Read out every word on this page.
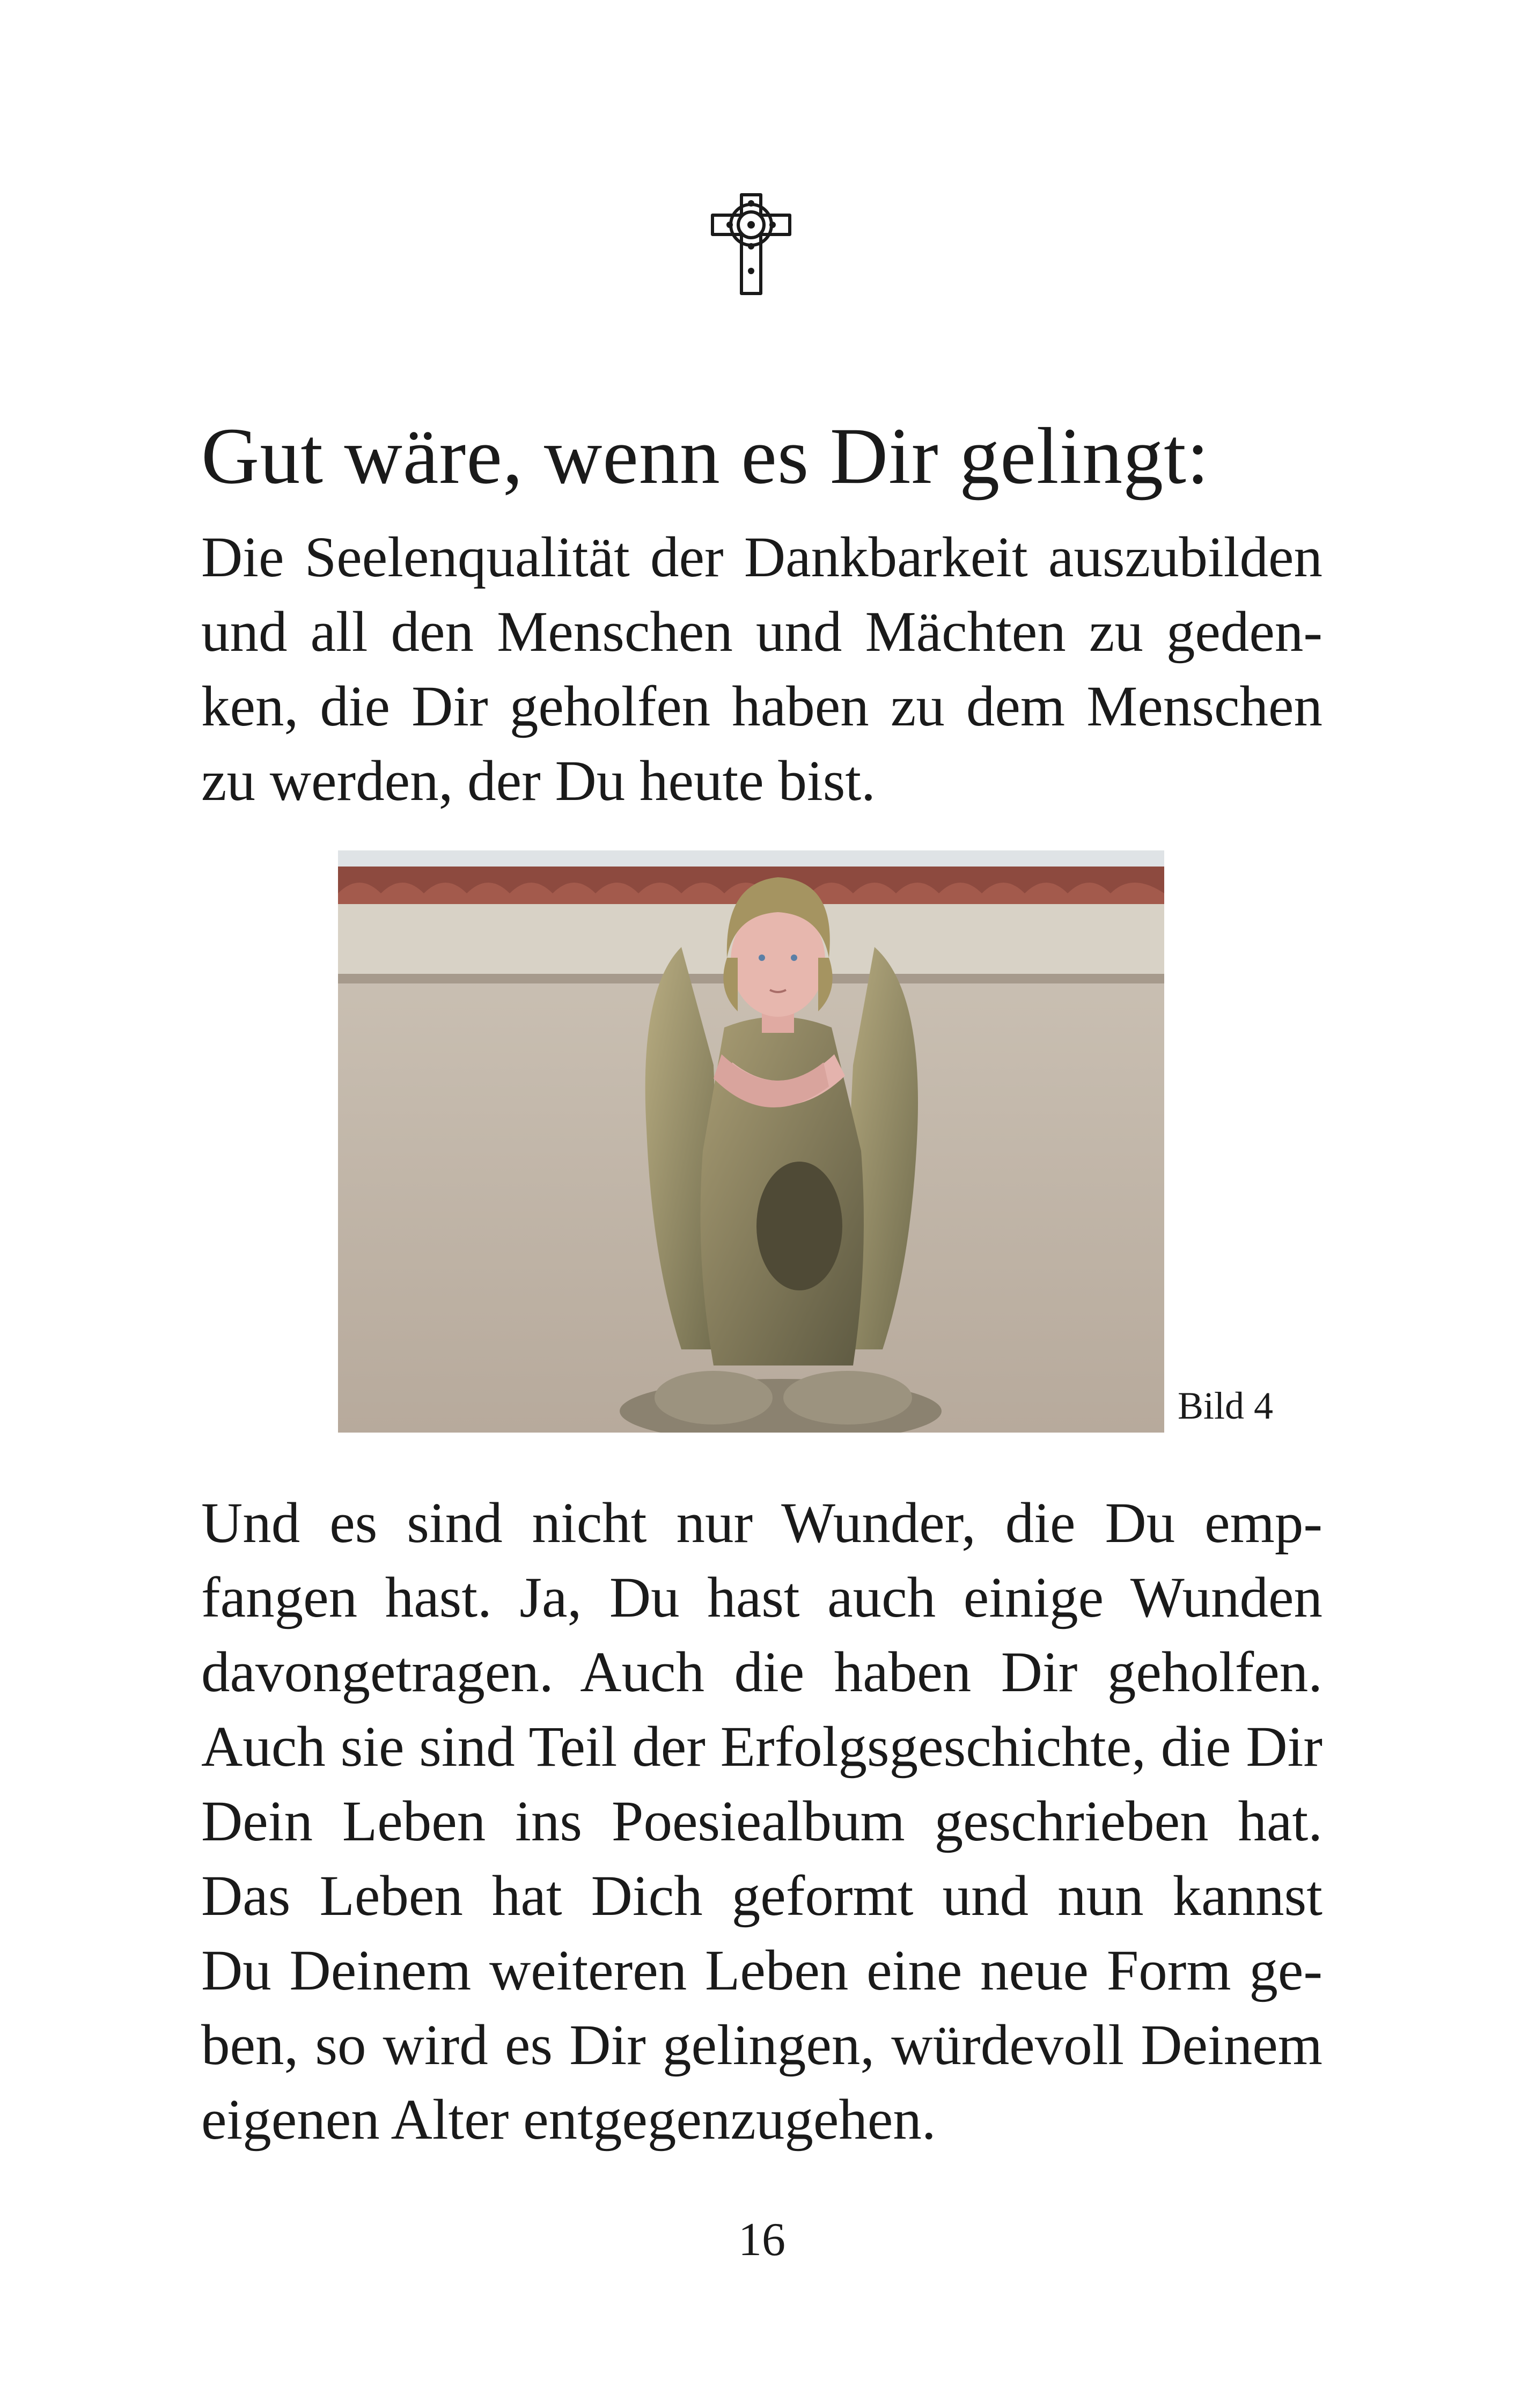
Gut wäre, wenn es Dir gelingt:
Die Seelenqualität der Dankbarkeit auszubilden
und all den Menschen und Mächten zu geden-
ken, die Dir geholfen haben zu dem Menschen
zu werden, der Du heute bist.
Bild 4
Und es sind nicht nur Wunder, die Du emp-
fangen hast. Ja, Du hast auch einige Wunden
davongetragen. Auch die haben Dir geholfen.
Auch sie sind Teil der Erfolgsgeschichte, die Dir
Dein Leben ins Poesiealbum geschrieben hat.
Das Leben hat Dich geformt und nun kannst
Du Deinem weiteren Leben eine neue Form ge-
ben, so wird es Dir gelingen, würdevoll Deinem
eigenen Alter entgegenzugehen.
16
